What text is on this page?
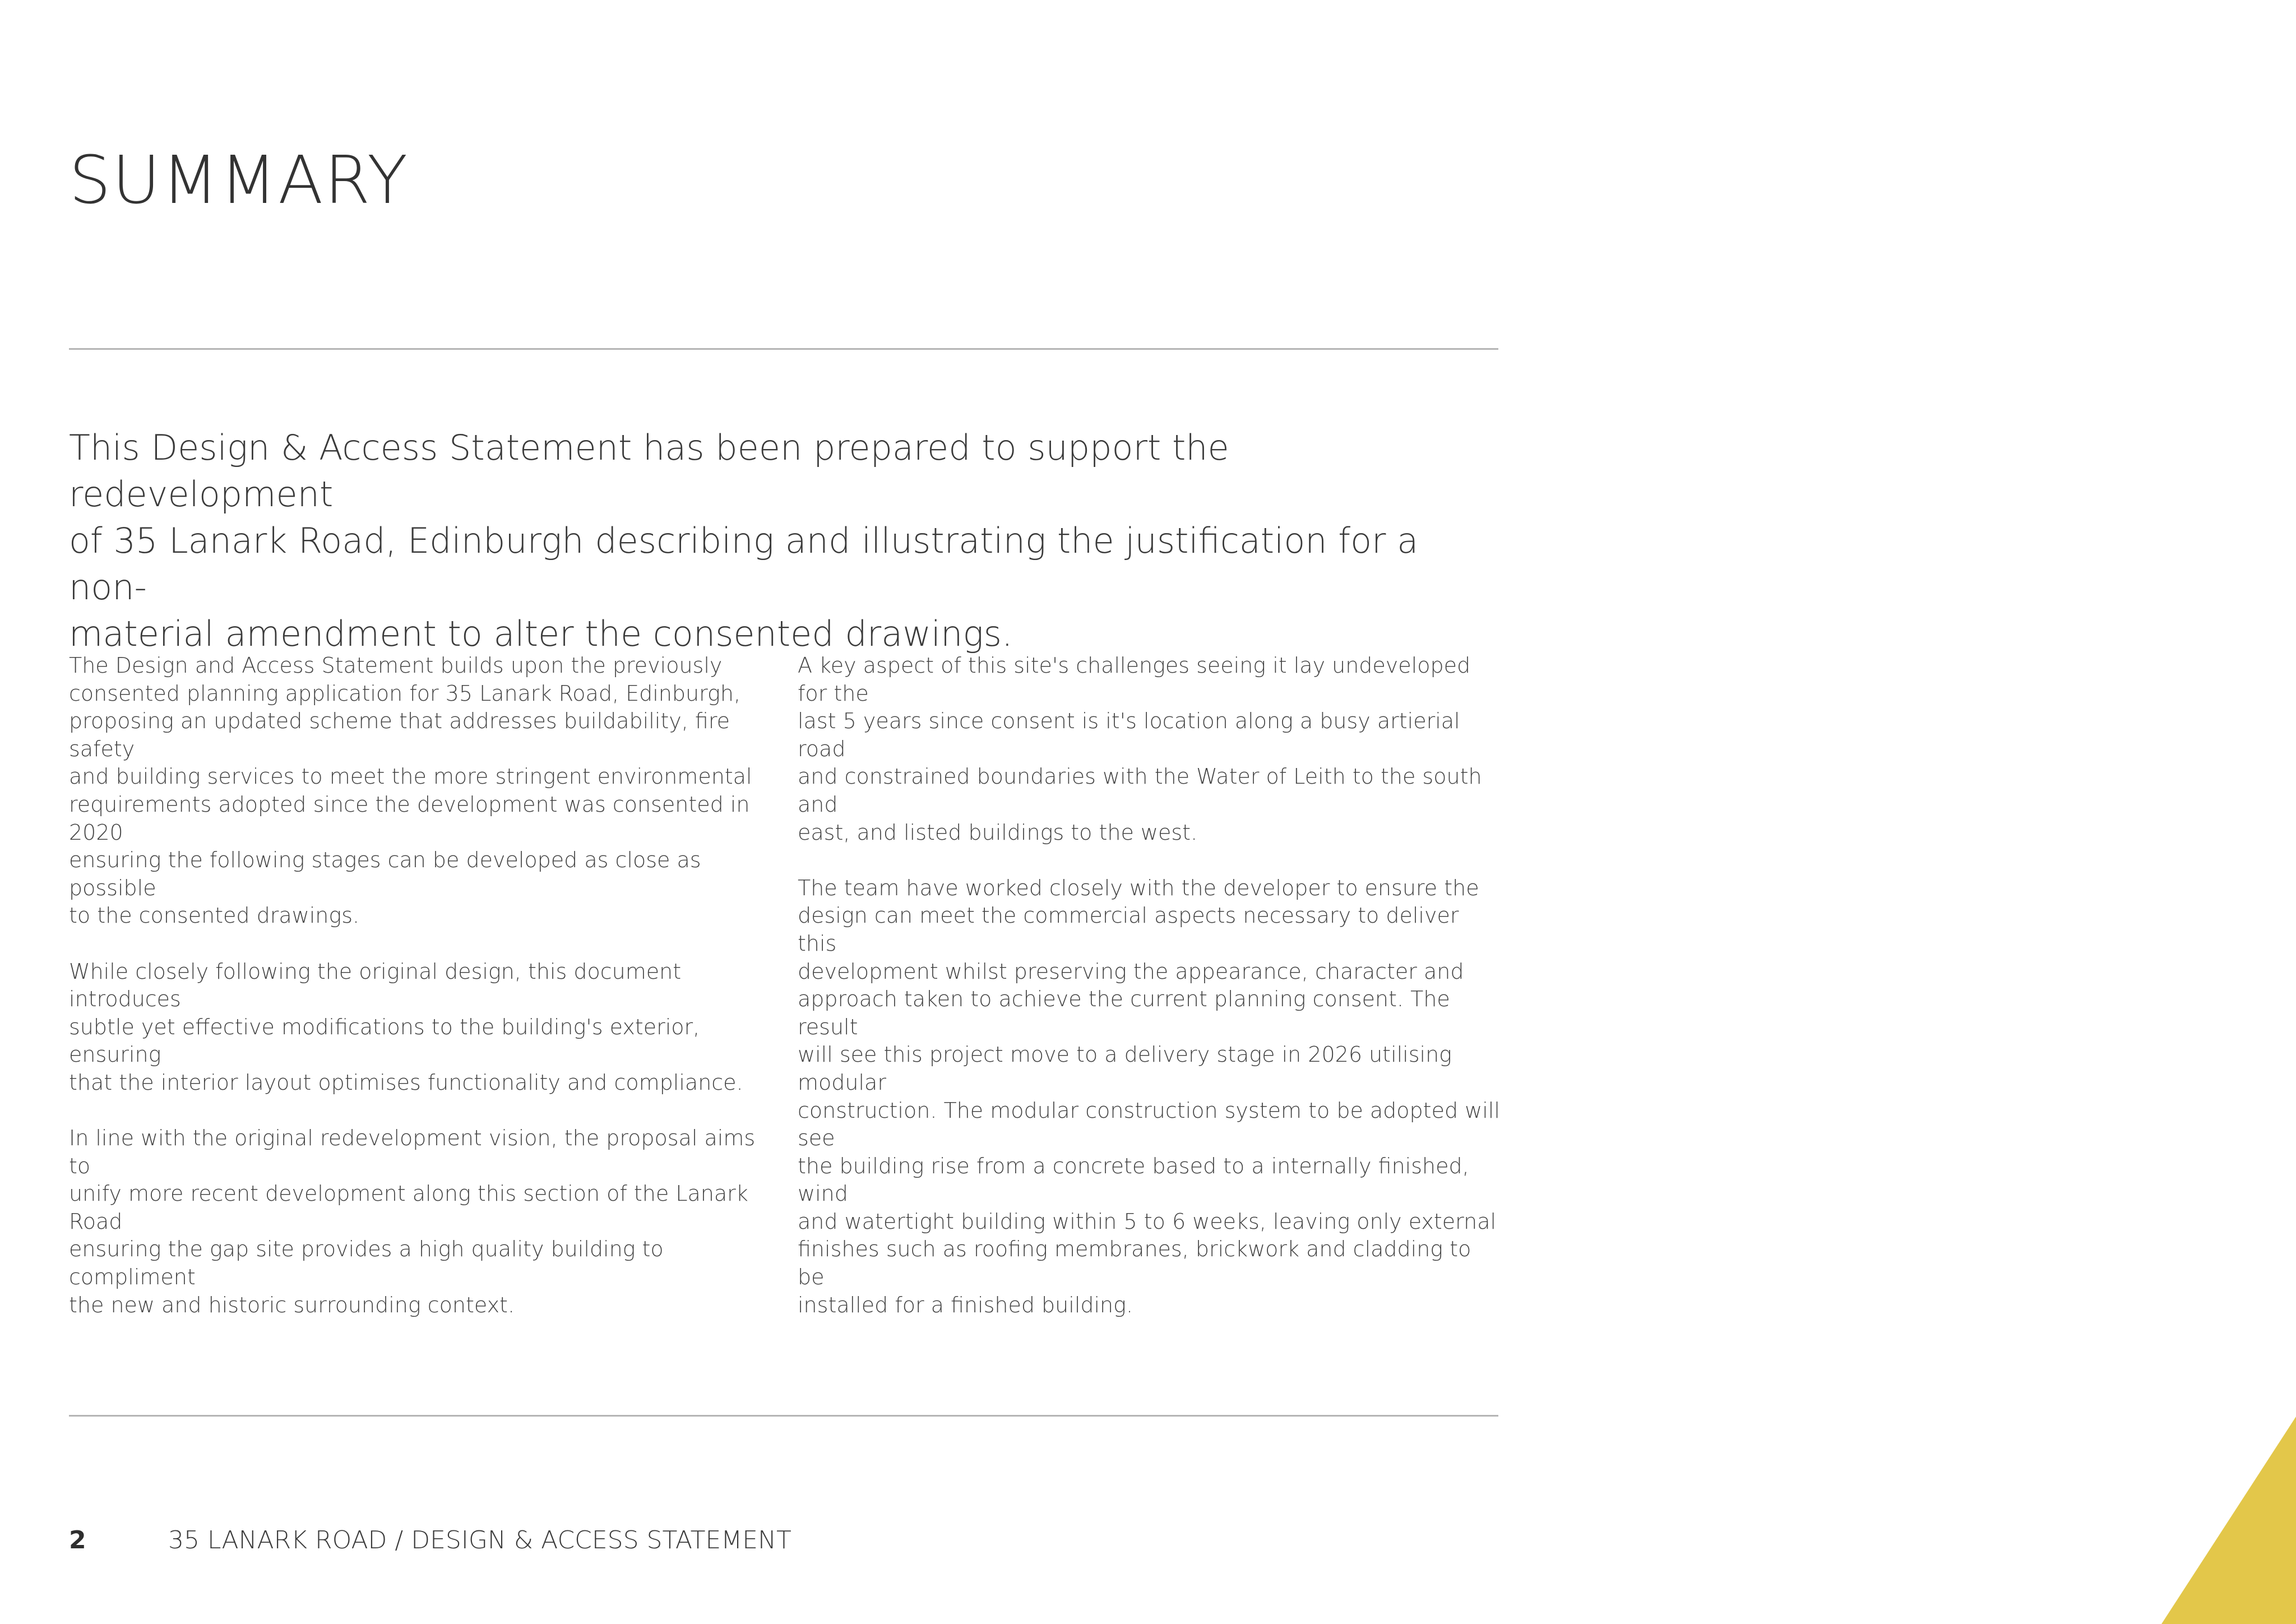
SUMMARY

This Design & Access Statement has been prepared to support the redevelopment
of 35 Lanark Road, Edinburgh describing and illustrating the justification for a non-
material amendment to alter the consented drawings.

The Design and Access Statement builds upon the previously
consented planning application for 35 Lanark Road, Edinburgh,
proposing an updated scheme that addresses buildability, fire safety
and building services to meet the more stringent environmental
requirements adopted since the development was consented in 2020
ensuring the following stages can be developed as close as possible
to the consented drawings.

While closely following the original design, this document introduces
subtle yet effective modifications to the building's exterior, ensuring
that the interior layout optimises functionality and compliance.

In line with the original redevelopment vision, the proposal aims to
unify more recent development along this section of the Lanark Road
ensuring the gap site provides a high quality building to compliment
the new and historic surrounding context.

A key aspect of this site's challenges seeing it lay undeveloped for the
last 5 years since consent is it's location along a busy artierial road
and constrained boundaries with the Water of Leith to the south and
east, and listed buildings to the west.

The team have worked closely with the developer to ensure the
design can meet the commercial aspects necessary to deliver this
development whilst preserving the appearance, character and
approach taken to achieve the current planning consent. The result
will see this project move to a delivery stage in 2026 utilising modular
construction. The modular construction system to be adopted will see
the building rise from a concrete based to a internally finished, wind
and watertight building within 5 to 6 weeks, leaving only external
finishes such as roofing membranes, brickwork and cladding to be
installed for a finished building.

2	35 LANARK ROAD / DESIGN & ACCESS STATEMENT
